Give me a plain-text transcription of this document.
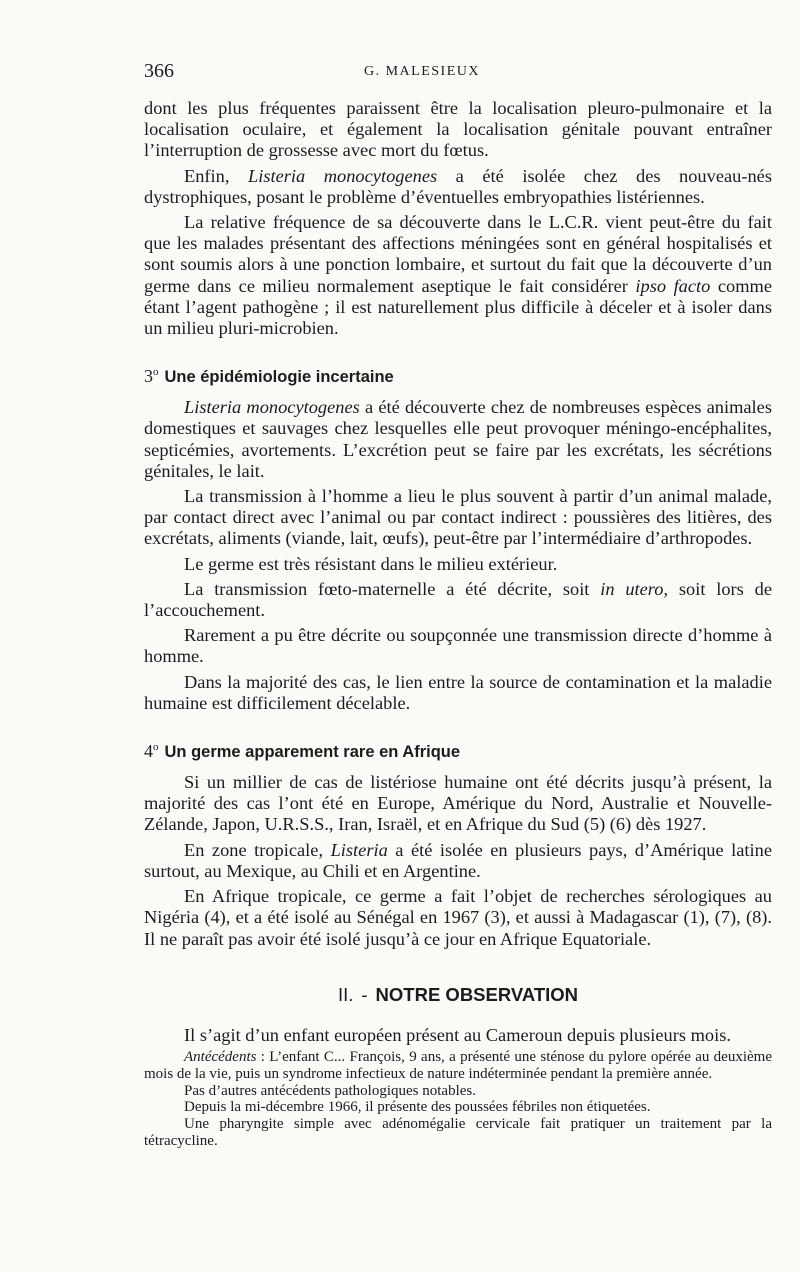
366	G. MALESIEUX

dont les plus fréquentes paraissent être la localisation pleuro-pulmonaire et la localisation oculaire, et également la localisation génitale pouvant entraîner l’interruption de grossesse avec mort du fœtus.

Enfin, Listeria monocytogenes a été isolée chez des nouveau-nés dystrophiques, posant le problème d’éventuelles embryopathies listériennes.

La relative fréquence de sa découverte dans le L.C.R. vient peut-être du fait que les malades présentant des affections méningées sont en général hospitalisés et sont soumis alors à une ponction lombaire, et surtout du fait que la découverte d’un germe dans ce milieu normalement aseptique le fait considérer ipso facto comme étant l’agent pathogène ; il est naturellement plus difficile à déceler et à isoler dans un milieu pluri-microbien.

3$^o$ Une épidémiologie incertaine

Listeria monocytogenes a été découverte chez de nombreuses espèces animales domestiques et sauvages chez lesquelles elle peut provoquer méningo-encéphalites, septicémies, avortements. L’excrétion peut se faire par les excrétats, les sécrétions génitales, le lait.

La transmission à l’homme a lieu le plus souvent à partir d’un animal malade, par contact direct avec l’animal ou par contact indirect : poussières des litières, des excrétats, aliments (viande, lait, œufs), peut-être par l’intermédiaire d’arthropodes.

Le germe est très résistant dans le milieu extérieur.

La transmission fœto-maternelle a été décrite, soit in utero, soit lors de l’accouchement.

Rarement a pu être décrite ou soupçonnée une transmission directe d’homme à homme.

Dans la majorité des cas, le lien entre la source de contamination et la maladie humaine est difficilement décelable.

4$^o$ Un germe apparement rare en Afrique

Si un millier de cas de listériose humaine ont été décrits jusqu’à présent, la majorité des cas l’ont été en Europe, Amérique du Nord, Australie et Nouvelle-Zélande, Japon, U.R.S.S., Iran, Israël, et en Afrique du Sud (5) (6) dès 1927.

En zone tropicale, Listeria a été isolée en plusieurs pays, d’Amérique latine surtout, au Mexique, au Chili et en Argentine.

En Afrique tropicale, ce germe a fait l’objet de recherches sérologiques au Nigéria (4), et a été isolé au Sénégal en 1967 (3), et aussi à Madagascar (1), (7), (8). Il ne paraît pas avoir été isolé jusqu’à ce jour en Afrique Equatoriale.

II. - NOTRE OBSERVATION

Il s’agit d’un enfant européen présent au Cameroun depuis plusieurs mois.

Antécédents : L’enfant C... François, 9 ans, a présenté une sténose du pylore opérée au deuxième mois de la vie, puis un syndrome infectieux de nature indéterminée pendant la première année.

Pas d’autres antécédents pathologiques notables.

Depuis la mi-décembre 1966, il présente des poussées fébriles non étiquetées.

Une pharyngite simple avec adénomégalie cervicale fait pratiquer un traitement par la tétracycline.
